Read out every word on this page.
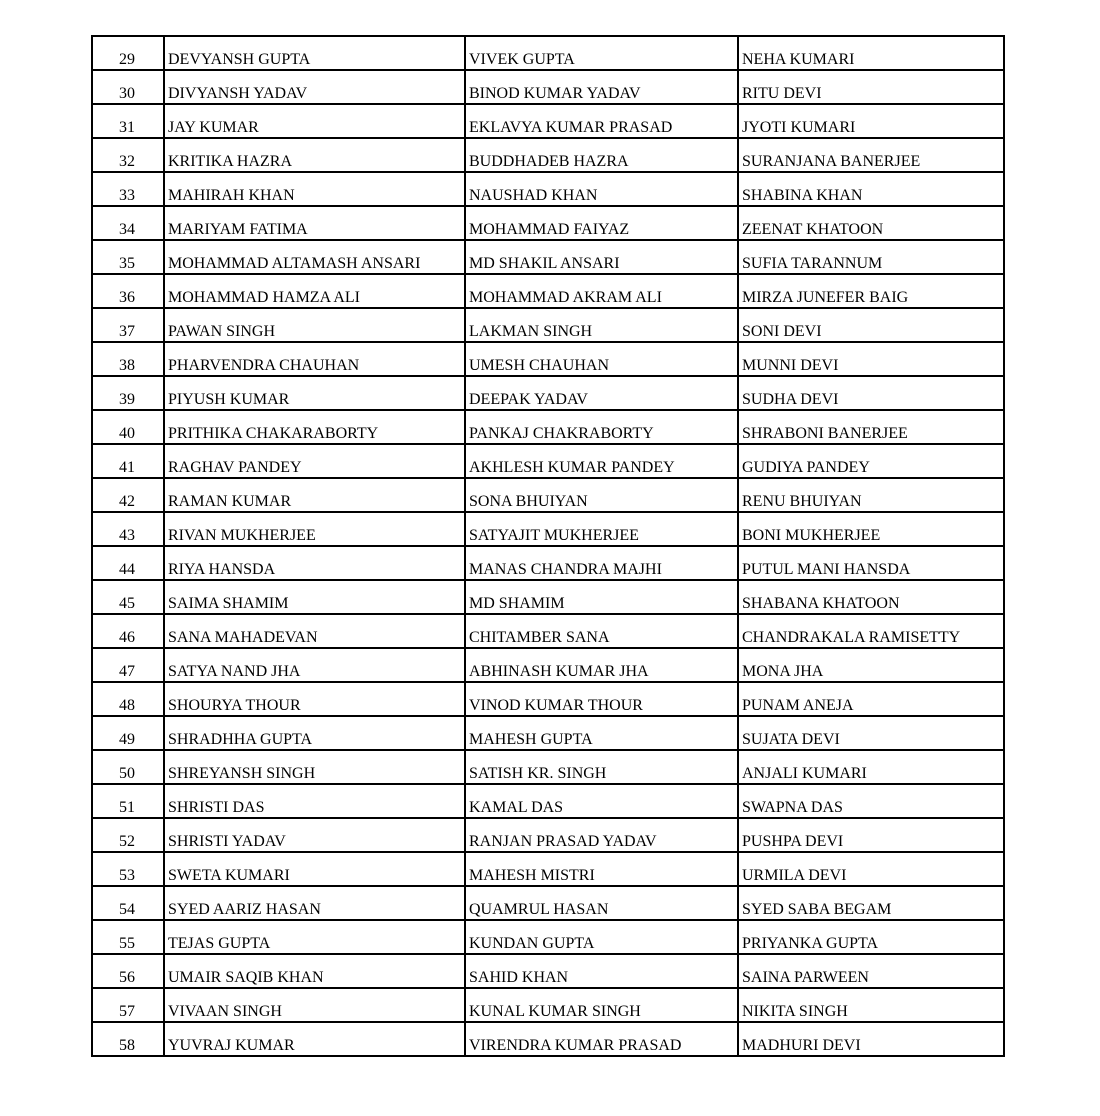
29	DEVYANSH GUPTA	VIVEK GUPTA	NEHA KUMARI
30	DIVYANSH YADAV	BINOD KUMAR YADAV	RITU DEVI
31	JAY KUMAR	EKLAVYA KUMAR PRASAD	JYOTI KUMARI
32	KRITIKA HAZRA	BUDDHADEB HAZRA	SURANJANA BANERJEE
33	MAHIRAH KHAN	NAUSHAD KHAN	SHABINA KHAN
34	MARIYAM FATIMA	MOHAMMAD FAIYAZ	ZEENAT KHATOON
35	MOHAMMAD ALTAMASH ANSARI	MD SHAKIL ANSARI	SUFIA TARANNUM
36	MOHAMMAD HAMZA ALI	MOHAMMAD AKRAM ALI	MIRZA JUNEFER BAIG
37	PAWAN SINGH	LAKMAN SINGH	SONI DEVI
38	PHARVENDRA CHAUHAN	UMESH CHAUHAN	MUNNI DEVI
39	PIYUSH KUMAR	DEEPAK YADAV	SUDHA DEVI
40	PRITHIKA CHAKARABORTY	PANKAJ CHAKRABORTY	SHRABONI BANERJEE
41	RAGHAV PANDEY	AKHLESH KUMAR PANDEY	GUDIYA PANDEY
42	RAMAN KUMAR	SONA BHUIYAN	RENU BHUIYAN
43	RIVAN MUKHERJEE	SATYAJIT MUKHERJEE	BONI MUKHERJEE
44	RIYA HANSDA	MANAS CHANDRA MAJHI	PUTUL MANI HANSDA
45	SAIMA SHAMIM	MD SHAMIM	SHABANA KHATOON
46	SANA MAHADEVAN	CHITAMBER SANA	CHANDRAKALA RAMISETTY
47	SATYA NAND JHA	ABHINASH KUMAR JHA	MONA JHA
48	SHOURYA THOUR	VINOD KUMAR THOUR	PUNAM ANEJA
49	SHRADHHA GUPTA	MAHESH GUPTA	SUJATA DEVI
50	SHREYANSH SINGH	SATISH KR. SINGH	ANJALI KUMARI
51	SHRISTI DAS	KAMAL DAS	SWAPNA DAS
52	SHRISTI YADAV	RANJAN PRASAD YADAV	PUSHPA DEVI
53	SWETA KUMARI	MAHESH MISTRI	URMILA DEVI
54	SYED AARIZ HASAN	QUAMRUL HASAN	SYED SABA BEGAM
55	TEJAS GUPTA	KUNDAN GUPTA	PRIYANKA GUPTA
56	UMAIR SAQIB KHAN	SAHID KHAN	SAINA PARWEEN
57	VIVAAN SINGH	KUNAL KUMAR SINGH	NIKITA SINGH
58	YUVRAJ KUMAR	VIRENDRA KUMAR PRASAD	MADHURI DEVI
